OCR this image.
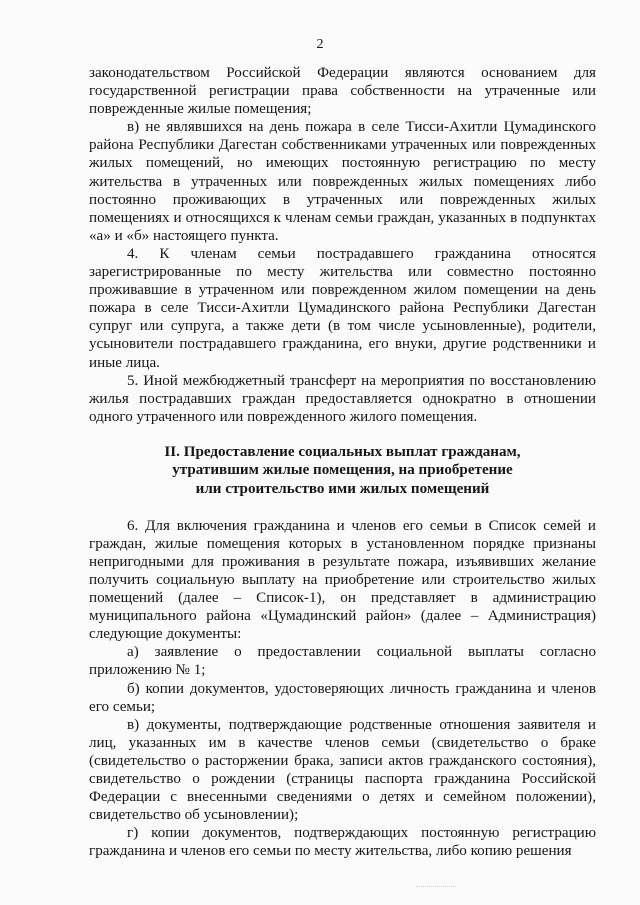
2

законодательством Российской Федерации являются основанием для государственной регистрации права собственности на утраченные или поврежденные жилые помещения;

в) не являвшихся на день пожара в селе Тисси-Ахитли Цумадинского района Республики Дагестан собственниками утраченных или поврежденных жилых помещений, но имеющих постоянную регистрацию по месту жительства в утраченных или поврежденных жилых помещениях либо постоянно проживающих в утраченных или поврежденных жилых помещениях и относящихся к членам семьи граждан, указанных в подпунктах «а» и «б» настоящего пункта.

4. К членам семьи пострадавшего гражданина относятся зарегистрированные по месту жительства или совместно постоянно проживавшие в утраченном или поврежденном жилом помещении на день пожара в селе Тисси-Ахитли Цумадинского района Республики Дагестан супруг или супруга, а также дети (в том числе усыновленные), родители, усыновители пострадавшего гражданина, его внуки, другие родственники и иные лица.

5. Иной межбюджетный трансферт на мероприятия по восстановлению жилья пострадавших граждан предоставляется однократно в отношении одного утраченного или поврежденного жилого помещения.

II. Предоставление социальных выплат гражданам,
утратившим жилые помещения, на приобретение
или строительство ими жилых помещений

6. Для включения гражданина и членов его семьи в Список семей и граждан, жилые помещения которых в установленном порядке признаны непригодными для проживания в результате пожара, изъявивших желание получить социальную выплату на приобретение или строительство жилых помещений (далее – Список-1), он представляет в администрацию муниципального района «Цумадинский район» (далее – Администрация) следующие документы:

а) заявление о предоставлении социальной выплаты согласно приложению № 1;

б) копии документов, удостоверяющих личность гражданина и членов его семьи;

в) документы, подтверждающие родственные отношения заявителя и лиц, указанных им в качестве членов семьи (свидетельство о браке (свидетельство о расторжении брака, записи актов гражданского состояния), свидетельство о рождении (страницы паспорта гражданина Российской Федерации с внесенными сведениями о детях и семейном положении), свидетельство об усыновлении);

г) копии документов, подтверждающих постоянную регистрацию гражданина и членов его семьи по месту жительства, либо копию решения
